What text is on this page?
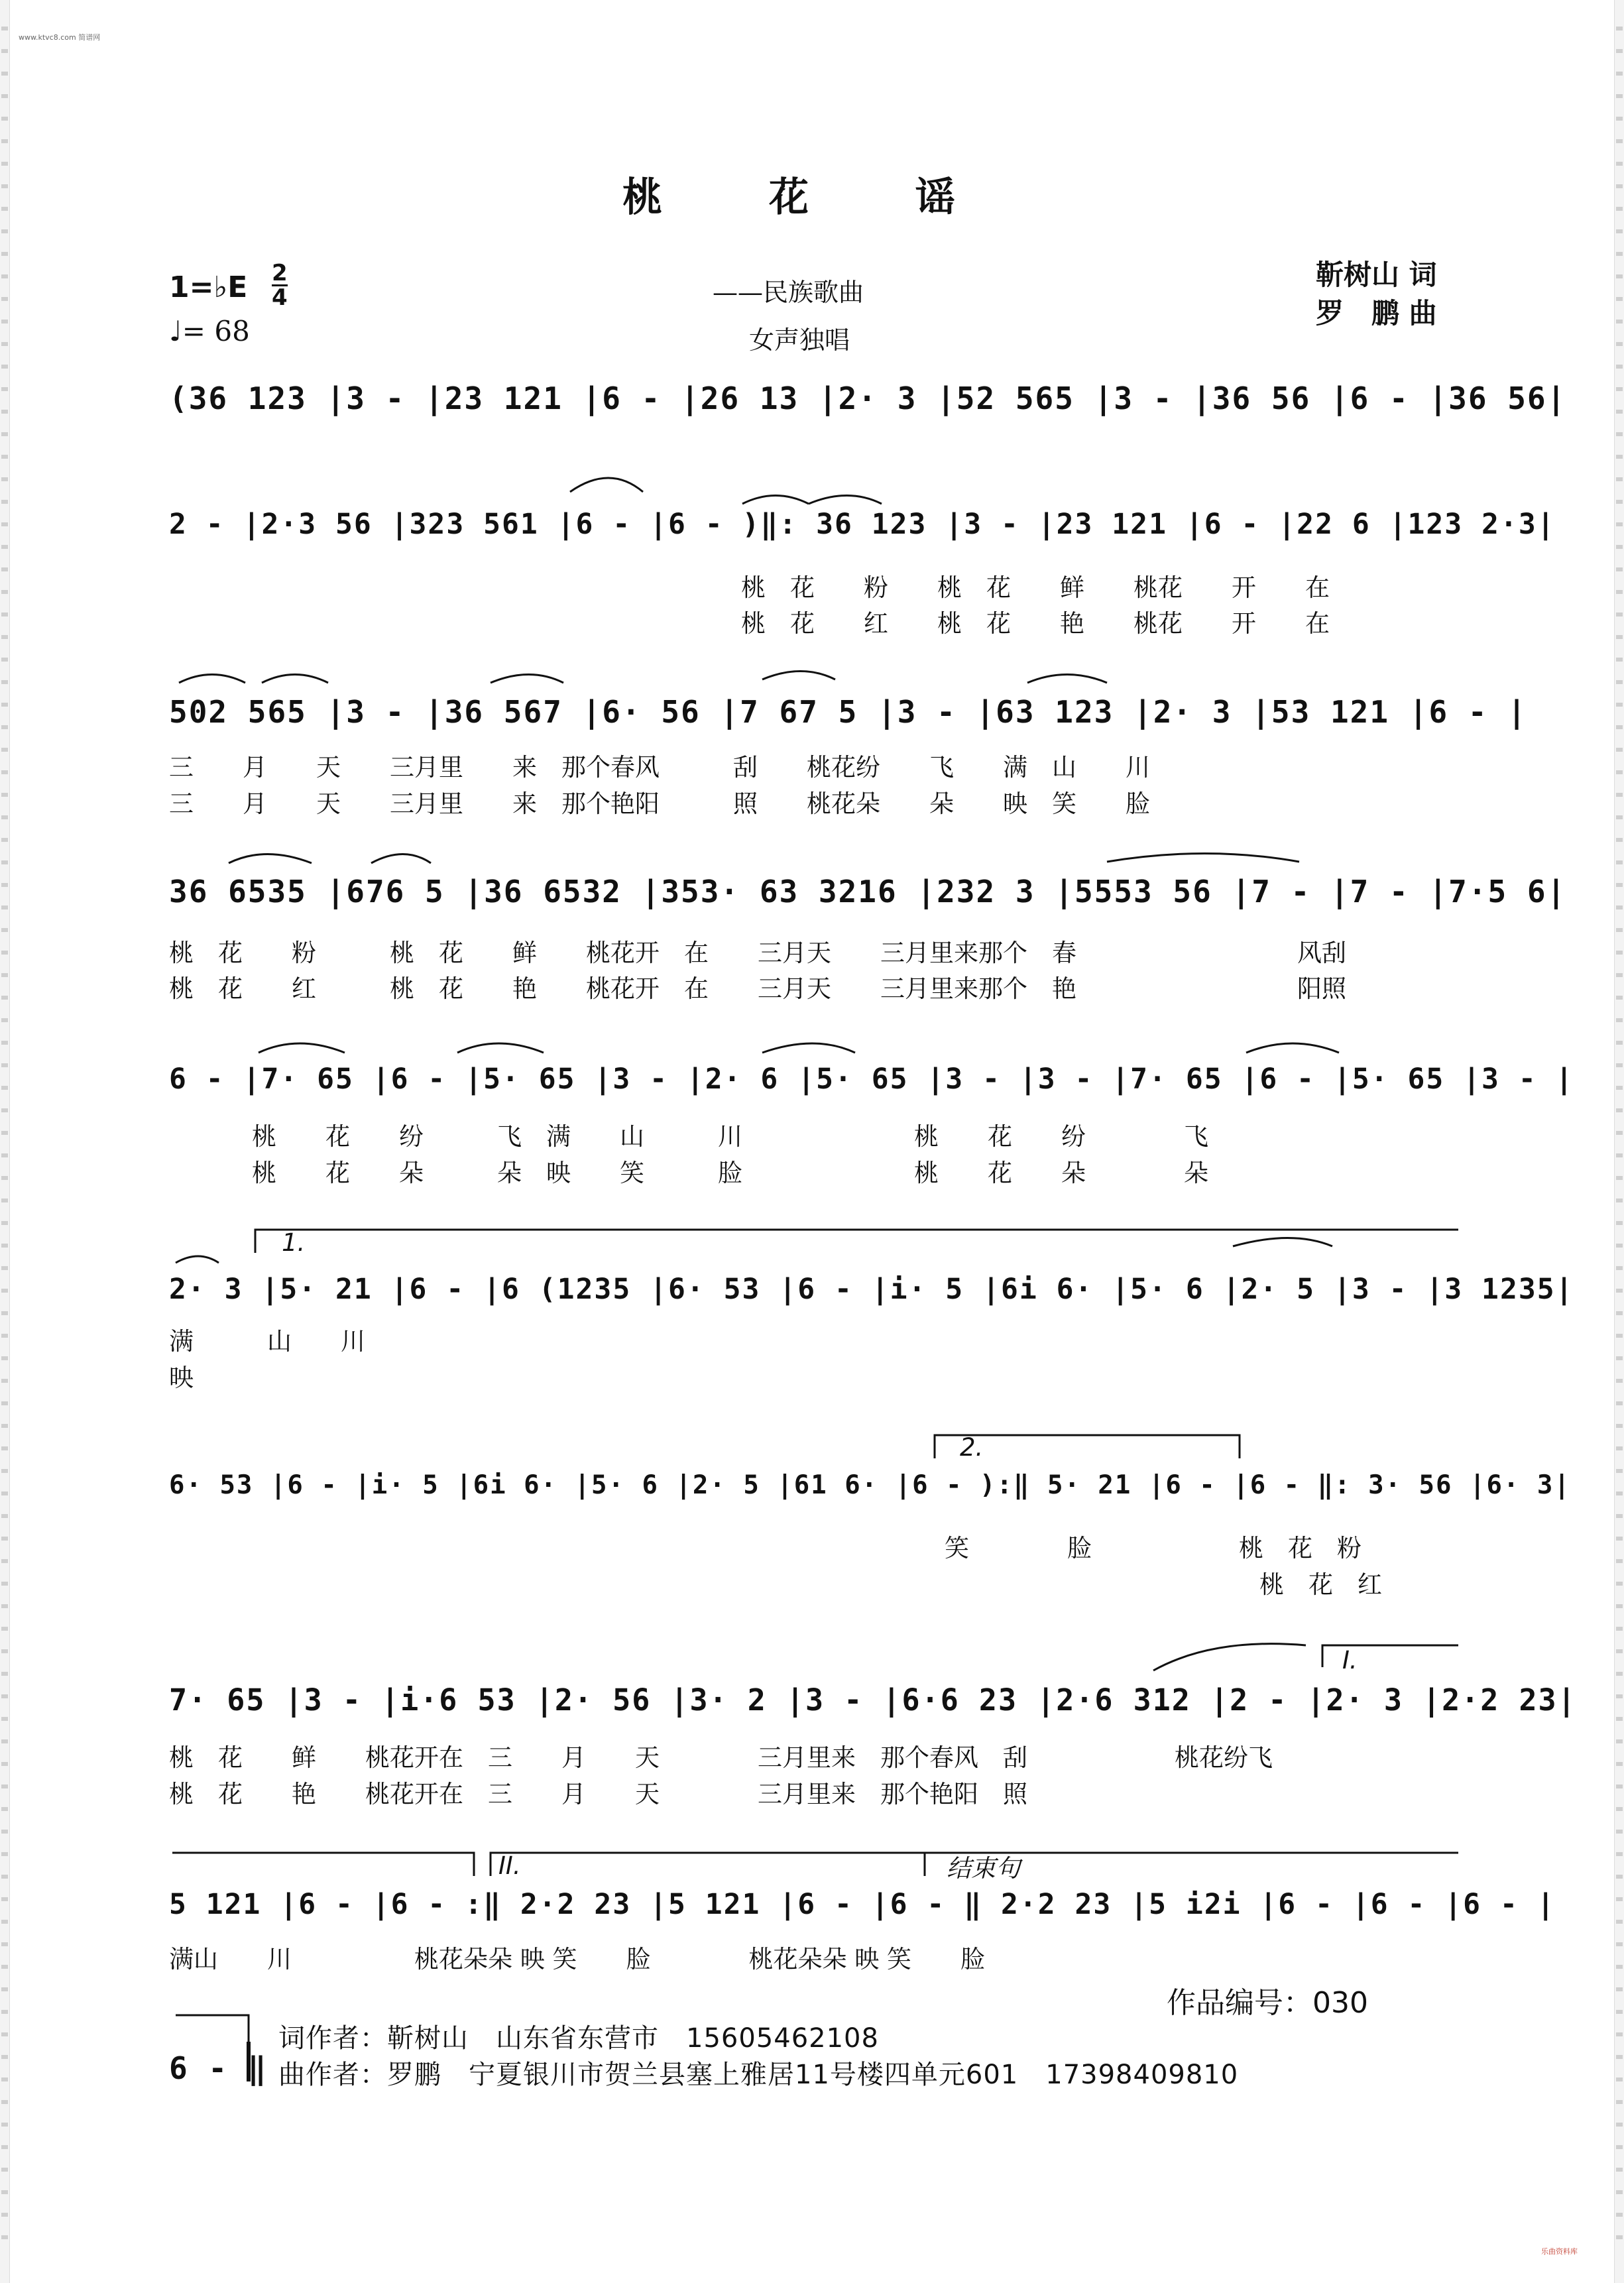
www.ktvc8.com 简谱网
桃 花 谣
1=♭E 2
4
♩= 68
——民族歌曲
女声独唱
靳树山 词
罗　鹏 曲
(36 123 |3 - |23 121 |6 - |26 13 |2· 3 |52 565 |3 - |36 56 |6 - |36 56|
2 - |2·3 56 |323 561 |6 - |6 - )‖: 36 123 |3 - |23 121 |6 - |22 6 |123 2·3|
桃　花　　粉　　桃　花　　鲜　　桃花　　开　　在
桃　花　　红　　桃　花　　艳　　桃花　　开　　在
502 565 |3 - |36 567 |6· 56 |7 67 5 |3 - |63 123 |2· 3 |53 121 |6 - |
三　　月　　天　　三月里　　来　那个春风　　　刮　　桃花纷　　飞　　满　山　　川
三　　月　　天　　三月里　　来　那个艳阳　　　照　　桃花朵　　朵　　映　笑　　脸
36 6535 |676 5 |36 6532 |353· 63 3216 |232 3 |5553 56 |7 - |7 - |7·5 6|
桃　花　　粉　　　桃　花　　鲜　　桃花开　在　　三月天　　三月里来那个　春　　　　　　　　　风刮
桃　花　　红　　　桃　花　　艳　　桃花开　在　　三月天　　三月里来那个　艳　　　　　　　　　阳照
6 - |7· 65 |6 - |5· 65 |3 - |2· 6 |5· 65 |3 - |3 - |7· 65 |6 - |5· 65 |3 - |
桃　　花　　纷　　　飞　满　　山　　　川　　　　　　　桃　　花　　纷　　　　飞
桃　　花　　朵　　　朵　映　　笑　　　脸　　　　　　　桃　　花　　朵　　　　朵
1.
2· 3 |5· 21 |6 - |6 (1235 |6· 53 |6 - |i· 5 |6i 6· |5· 6 |2· 5 |3 - |3 1235|
满　　　山　　川
映
2.
6· 53 |6 - |i· 5 |6i 6· |5· 6 |2· 5 |61 6· |6 - ):‖ 5· 21 |6 - |6 - ‖: 3· 56 |6· 3|
笑　　　　脸　　　　　　桃　花　粉
桃　花　红
I.
7· 65 |3 - |i·6 53 |2· 56 |3· 2 |3 - |6·6 23 |2·6 312 |2 - |2· 3 |2·2 23|
桃　花　　鲜　　桃花开在　三　　月　　天　　　　三月里来　那个春风　刮　　　　　　桃花纷飞
桃　花　　艳　　桃花开在　三　　月　　天　　　　三月里来　那个艳阳　照
II.	结束句
5 121 |6 - |6 - :‖ 2·2 23 |5 121 |6 - |6 - ‖ 2·2 23 |5 i2i |6 - |6 - |6 - |
满山　　川　　　　　桃花朵朵 映 笑　　脸　　　　桃花朵朵 映 笑　　脸
作品编号：030
6 - ‖
词作者：靳树山　山东省东营市　15605462108
曲作者：罗鹏　宁夏银川市贺兰县塞上雅居11号楼四单元601　17398409810
乐曲资料库
